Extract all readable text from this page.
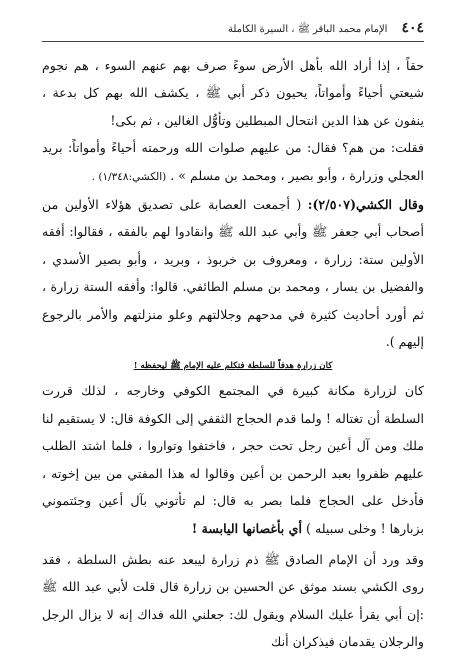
٤٠٤
الإمام محمد الباقر ﷺ ، السيرة الكاملة

حقاً ، إذا أراد الله بأهل الأرض سوءً صرف بهم عنهم السوء ، هم نجوم شيعتي أحياءً وأمواتاً، يحيون ذكر أبي ﷺ ، يكشف الله بهم كل بدعة ، ينفون عن هذا الدين انتحال المبطلين وتأوُّل الغالين ، ثم بكى!

فقلت: من هم؟ فقال: من عليهم صلوات الله ورحمته أحياءً وأمواتاً: بريد العجلي وزرارة ، وأبو بصير ، ومحمد بن مسلم » . (الكشي:١/٣٤٨) .

وقال الكشي(٢/٥٠٧): ( أجمعت العصابة على تصديق هؤلاء الأولين من أصحاب أبي جعفر ﷺ وأبي عبد الله ﷺ وانقادوا لهم بالفقه ، فقالوا: أفقه الأولين ستة: زرارة ، ومعروف بن خربوذ ، وبريد ، وأبو بصير الأسدي ، والفضيل بن يسار ، ومحمد بن مسلم الطائفي. قالوا: وأفقه الستة زرارة ، ثم أورد أحاديث كثيرة في مدحهم وجلالتهم وعلو منزلتهم والأمر بالرجوع إليهم ).

كان زرارة هدفاً للسلطة فتكلم عليه الإمام ﷺ ليحفظه !

كان لزرارة مكانة كبيرة في المجتمع الكوفي وخارجه ، لذلك قررت السلطة أن تغتاله ! ولما قدم الحجاج الثقفي إلى الكوفة قال: لا يستقيم لنا ملك ومن آل أعين رجل تحت حجر ، فاختفوا وتواروا ، فلما اشتد الطلب عليهم ظفروا بعبد الرحمن بن أعين وقالوا له هذا المفتي من بين إخوته ، فأدخل على الحجاج فلما بصر به قال: لم تأتوني بآل أعين وجئتموني بزبارها ! وخلى سبيله ) أي بأغصانها اليابسة !

وقد ورد أن الإمام الصادق ﷺ ذم زرارة ليبعد عنه بطش السلطة ، فقد روى الكشي بسند موثق عن الحسين بن زرارة قال قلت لأبي عبد الله ﷺ :إن أبي يقرأ عليك السلام ويقول لك: جعلني الله فداك إنه لا يزال الرجل والرجلان يقدمان فيذكران أنك
